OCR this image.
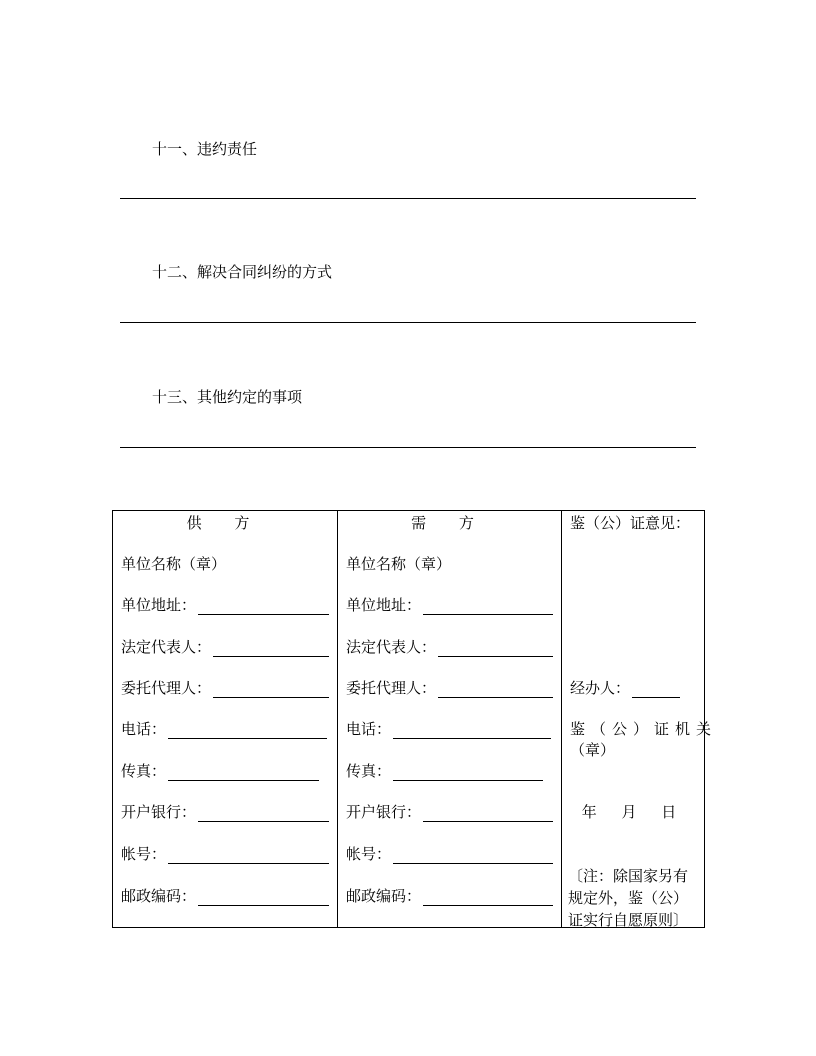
十一、违约责任
十二、解决合同纠纷的方式
十三、其他约定的事项
供 方
单位名称（章）
单位地址：
法定代表人：
委托代理人：
电话：
传真：
开户银行：
帐号：
邮政编码：

需 方
单位名称（章）
单位地址：
法定代表人：
委托代理人：
电话：
传真：
开户银行：
帐号：
邮政编码：

鉴（公）证意见：
经办人：
鉴（公）证机关
（章）
年 月 日
〔注：除国家另有规定外，鉴（公）证实行自愿原则〕
